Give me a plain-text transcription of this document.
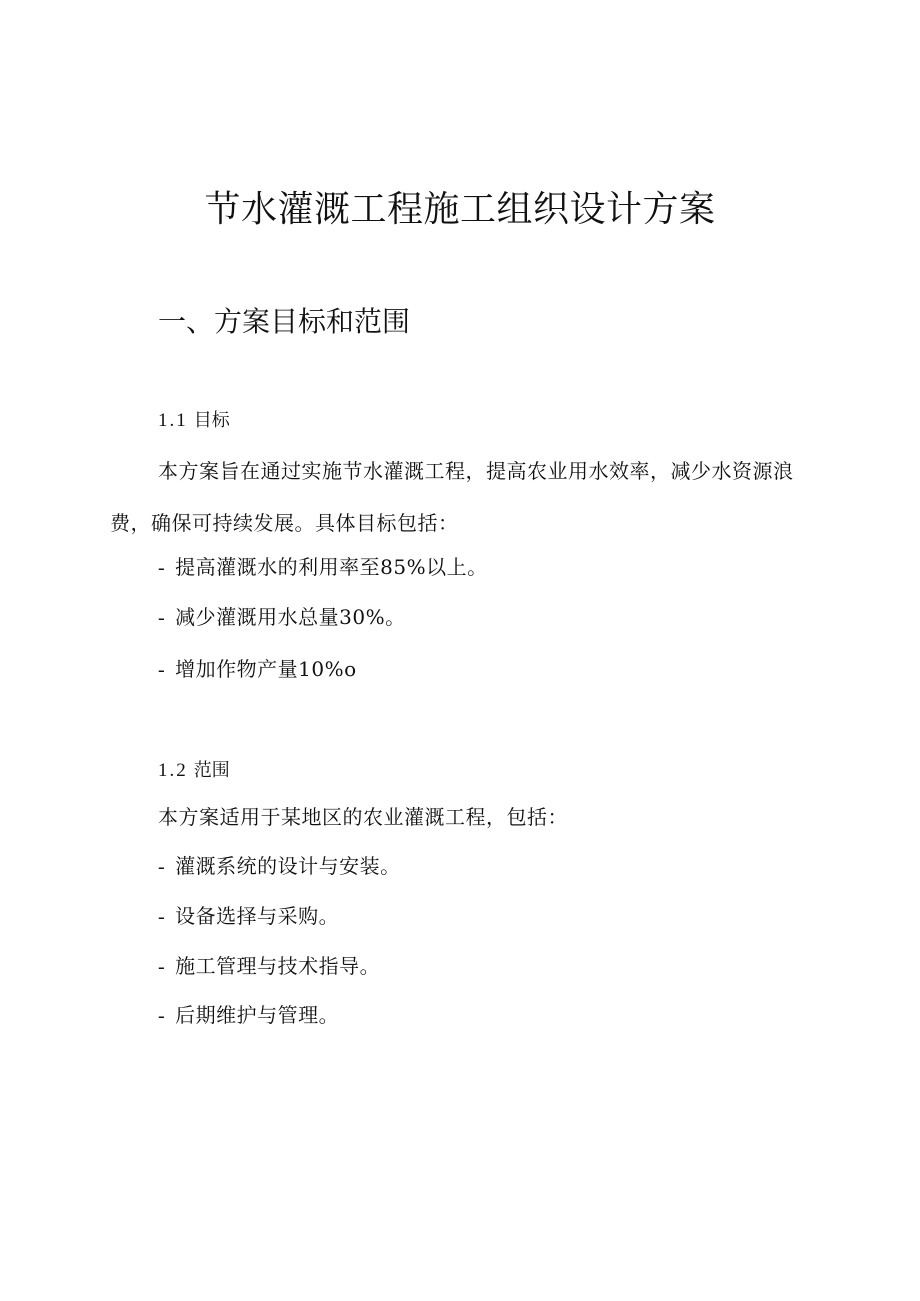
节水灌溉工程施工组织设计方案
一、方案目标和范围
1.1 目标

本方案旨在通过实施节水灌溉工程，提高农业用水效率，减少水资源浪费，确保可持续发展。具体目标包括：

- 提高灌溉水的利用率至85%以上。
- 减少灌溉用水总量30%。
- 增加作物产量10%o
1.2 范围

本方案适用于某地区的农业灌溉工程，包括：

- 灌溉系统的设计与安装。
- 设备选择与采购。
- 施工管理与技术指导。
- 后期维护与管理。
